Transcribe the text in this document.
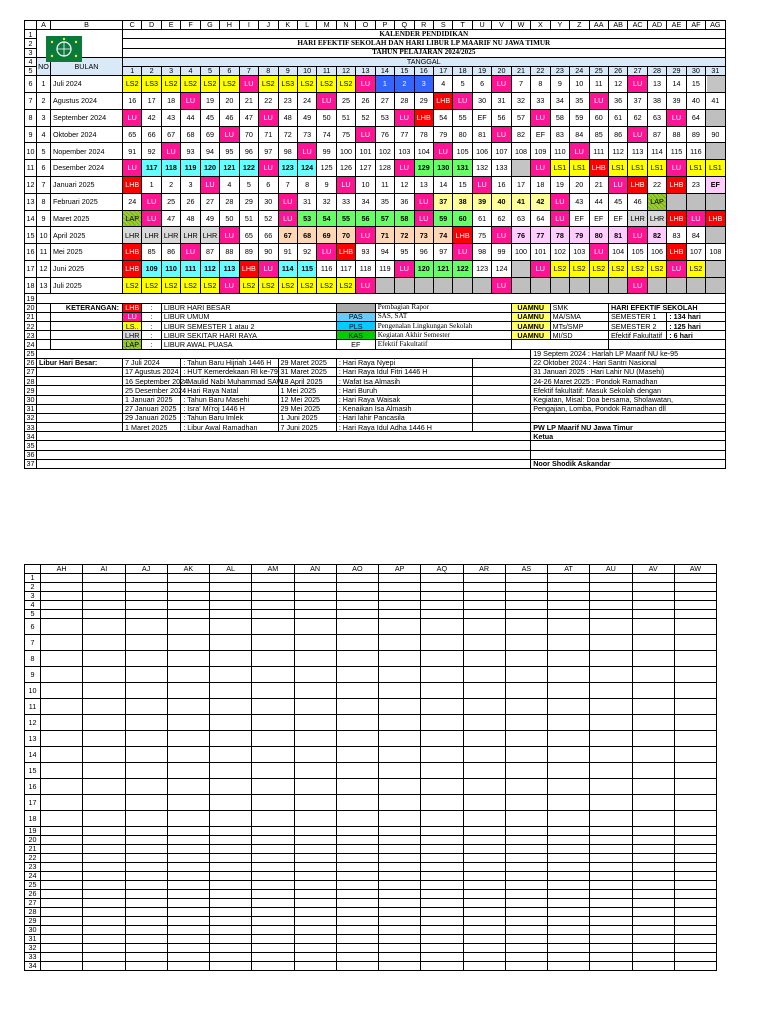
	A	B	C	D	E	F	G	H	I	J	K	L	M	N	O	P	Q	R	S	T	U	V	W	X	Y	Z	AA	AB	AC	AD	AE	AF	AG
1			KALENDER PENDIDIKAN																														
2			HARI EFEKTIF SEKOLAH DAN HARI LIBUR LP MAARIF NU JAWA TIMUR																														
3			TAHUN PELAJARAN 2024/2025																														
4	NO	BULAN	TANGGAL																														
5			1	2	3	4	5	6	7	8	9	10	11	12	13	14	15	16	17	18	19	20	21	22	23	24	25	26	27	28	29	30	31
6	1	Juli 2024	LS2	LS3	LS2	LS2	LS2	LS2	LU	LS2	LS3	LS2	LS2	LS2	LU	1	2	3	4	5	6	LU	7	8	9	10	11	12	LU	13	14	15	
7	2	Agustus 2024	16	17	18	LU	19	20	21	22	23	24	LU	25	26	27	28	29	LHB	LU	30	31	32	33	34	35	LU	36	37	38	39	40	41
8	3	September 2024	LU	42	43	44	45	46	47	LU	48	49	50	51	52	53	LU	LHB	54	55	EF	56	57	LU	58	59	60	61	62	63	LU	64	
9	4	Oktober 2024	65	66	67	68	69	LU	70	71	72	73	74	75	LU	76	77	78	79	80	81	LU	82	EF	83	84	85	86	LU	87	88	89	90
10	5	Nopember 2024	91	92	LU	93	94	95	96	97	98	LU	99	100	101	102	103	104	LU	105	106	107	108	109	110	LU	111	112	113	114	115	116	
11	6	Desember 2024	LU	117	118	119	120	121	122	LU	123	124	125	126	127	128	LU	129	130	131	132	133		LU	LS1	LS1	LHB	LS1	LS1	LS1	LU	LS1	LS1
12	7	Januari 2025	LHB	1	2	3	LU	4	5	6	7	8	9	LU	10	11	12	13	14	15	LU	16	17	18	19	20	21	LU	LHB	22	LHB	23	EF
13	8	Februari 2025	24	LU	25	26	27	28	29	30	LU	31	32	33	34	35	36	LU	37	38	39	40	41	42	LU	43	44	45	46	LAP			
14	9	Maret 2025	LAP	LU	47	48	49	50	51	52	LU	53	54	55	56	57	58	LU	59	60	61	62	63	64	LU	EF	EF	EF	LHR	LHR	LHB	LU	LHB
15	10	April 2025	LHR	LHR	LHR	LHR	LHR	LU	65	66	67	68	69	70	LU	71	72	73	74	LHB	75	LU	76	77	78	79	80	81	LU	82	83	84	
16	11	Mei 2025	LHB	85	86	LU	87	88	89	90	91	92	LU	LHB	93	94	95	96	97	LU	98	99	100	101	102	103	LU	104	105	106	LHB	107	108
17	12	Juni 2025	LHB	109	110	111	112	113	LHB	LU	114	115	116	117	118	119	LU	120	121	122	123	124		LU	LS2	LS2	LS2	LS2	LS2	LS2	LU	LS2	
18	13	Juli 2025	LS2	LS2	LS2	LS2	LS2	LU	LS2	LS2	LS2	LS2	LS2	LS2	LU							LU							LU				
19																																	
20		KETERANGAN:	LHB	:	LIBUR HARI BESAR											Pembagian Rapor							UAMNU		SMK			HARI EFEKTIF SEKOLAH					
21			LU	:	LIBUR UMUM									PAS		SAS, SAT							UAMNU		MA/SMA			SEMESTER 1			: 134 hari		
22			LS..	:	LIBUR SEMESTER 1 atau 2									PLS		Pengenalan Lingkungan Sekolah							UAMNU		MTs/SMP			SEMESTER 2			: 125 hari		
23			LHR	:	LIBUR SEKITAR HARI RAYA									KAS		Kegiatan Akhir Semester							UAMNU		MI/SD			Efektif Fakultatif			: 6 hari		
24			LAP	:	LIBUR AWAL PUASA									EF		Efektif Fakultatif																	
25																								19 Septem 2024 : Harlah LP Maarif NU ke-95									
26	Libur Hari Besar:		7 Juli 2024			: Tahun Baru Hijriah 1446 H					29 Maret 2025			: Hari Raya Nyepi										22 Oktober 2024 : Hari Santri Nasional									
27			17 Agustus 2024			: HUT Kemerdekaan RI ke-79					31 Maret 2025			: Hari Raya Idul Fitri 1446 H										31 Januari 2025 : Hari Lahir NU (Masehi)									
28			16 September 2024			: Maulid Nabi Muhammad SAW					18 April 2025			: Wafat Isa Almasih										24-26 Maret 2025 : Pondok Ramadhan									
29			25 Desember 2024			: Hari Raya Natal					1 Mei 2025			: Hari Buruh										Efektif fakultatif: Masuk Sekolah dengan									
30			1 Januari 2025			: Tahun Baru Masehi					12 Mei 2025			: Hari Raya Waisak										Kegiatan, Misal: Doa bersama, Sholawatan,									
31			27 Januari 2025			: Isra' Mi'roj 1446 H					29 Mei 2025			: Kenaikan Isa Almasih										Pengajian, Lomba, Pondok Ramadhan dll									
32			29 Januari 2025			: Tahun Baru Imlek					1 Juni 2025			: Hari lahir Pancasila																			
33			1 Maret 2025			: Libur Awal Ramadhan					7 Juni 2025			: Hari Raya Idul Adha 1446 H										PW LP Maarif NU Jawa Timur									
34																								Ketua									
35																																	
36																																	
37																								Noor Shodik Askandar									
	AH	AI	AJ	AK	AL	AM	AN	AO	AP	AQ	AR	AS	AT	AU	AV	AW
1																
2																
3																
4																
5																
6																
7																
8																
9																
10																
11																
12																
13																
14																
15																
16																
17																
18																
19																
20																
21																
22																
23																
24																
25																
26																
27																
28																
29																
30																
31																
32																
33																
34																
